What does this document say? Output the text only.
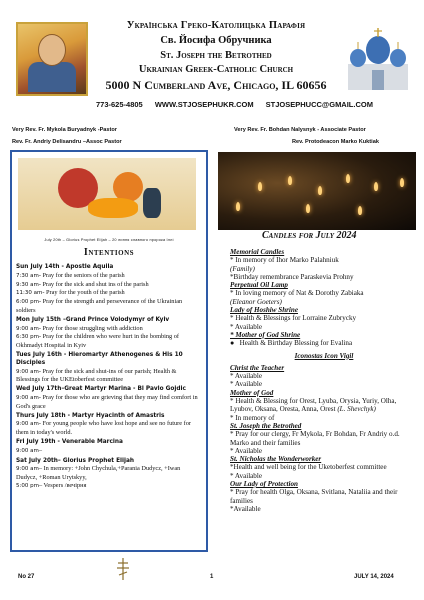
Українська Греко-Католицька Парафія
Св. Йосифа Обручника
St. Joseph the Betrothed
Ukrainian Greek-Catholic Church
5000 N Cumberland Ave, Chicago, IL 60656
773-625-4805 WWW.STJOSEPHUKR.COM STJOSEPHUCC@GMAIL.COM
Very Rev. Fr. Mykola Buryadnyk -Pastor
Rev. Fr. Andriy Delisandru –Assoc Pastor
Very Rev. Fr. Bohdan Nalysnyk - Associate Pastor
Rev. Protodeacon Marko Kuktiak
July 20th – Glorius Prophet Elijah – 20 липня славного пророка Іллі
Intentions
Sun July 14th - Apostle Aquila
7:30 am- Pray for the seniors of the parish
9:30 am- Pray for the sick and shut ins of the parish
11:30 am- Pray for the youth of the parish
6:00 pm- Pray for the strength and perseverance of the Ukrainian soldiers
Mon July 15th –Grand Prince Volodymyr of Kyiv
9:00 am- Pray for those struggling with addiction
6:30 pm- Pray for the children who were hurt in the bombing of Okhmadyt Hospital in Kyiv
Tues July 16th - Hieromartyr Athenogenes & His 10 Disciples
9:00 am- Pray for the sick and shut-ins of our parish; Health & Blessings for the UKEtoberfest committee
Wed July 17th–Great Martyr Marina - Bl Pavlo Gojdic
9:00 am- Pray for those who are grieving that they may find comfort in God's grace
Thurs July 18th - Martyr Hyacinth of Amastris
9:00 am- For young people who have lost hope and see no future for them in today's world.
Fri July 19th - Venerable Marcina
9:00 am–
Sat July 20th– Glorius Prophet Elijah
9:00 am– In memory: +John Chychula,+Parania Dudycz, +Iwan Dudycz, +Roman Urytskyy,
5:00 pm– Vespers /вечірня
Candles for July 2024
Memorial Candles
* In memory of Ihor Marko Palahniuk
(Family)
*Birthday remembrance Paraskevia Prohny
Perpetual Oil Lamp
* In loving memory of Nat & Dorothy Zabiaka
(Eleanor Goeters)
Lady of Hoshiw Shrine
* Health & Blessings for Lorraine Zubrycky
* Available
* Mother of God Shrine
●   Health & Birthday Blessing for Evalina
Iconostas Icon Vigil
Christ the Teacher
* Available
* Available
Mother of God
* Health & Blessing for Orest, Lyuba, Orysia, Yuriy, Olha, Lyubov, Oksana, Oresta, Anna, Orest (L. Shevchyk)
* In memory of
St. Joseph the Betrothed
* Pray for our clergy, Fr Mykola, Fr Bohdan, Fr Andriy o.d. Marko and their families
* Available
St. Nicholas the Wonderworker
*Health and well being for the Uketoberfest committee
* Available
Our Lady of Protection
* Pray for health Olga, Oksana, Svitlana, Nataliia and their families
*Available
No 27	1	JULY 14, 2024
